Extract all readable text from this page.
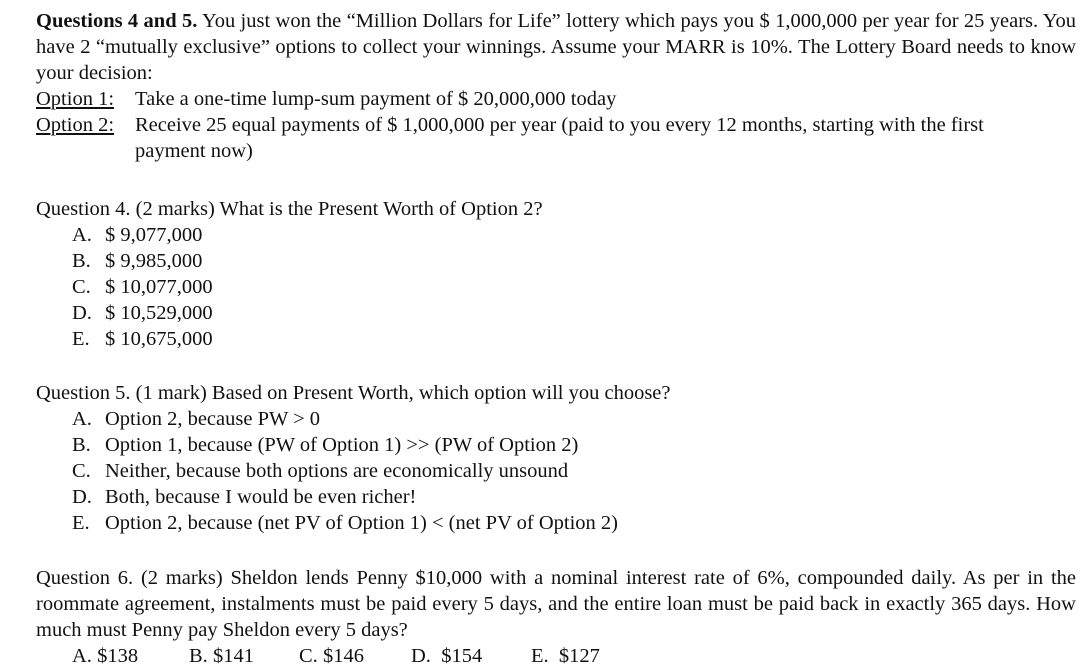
Questions 4 and 5. You just won the “Million Dollars for Life” lottery which pays you $ 1,000,000 per year for 25 years. You have 2 “mutually exclusive” options to collect your winnings. Assume your MARR is 10%. The Lottery Board needs to know your decision:
Option 1:	Take a one-time lump-sum payment of $ 20,000,000 today
Option 2:	Receive 25 equal payments of $ 1,000,000 per year (paid to you every 12 months, starting with the first payment now)
Question 4. (2 marks) What is the Present Worth of Option 2?
A. $ 9,077,000
B. $ 9,985,000
C. $ 10,077,000
D. $ 10,529,000
E. $ 10,675,000
Question 5. (1 mark) Based on Present Worth, which option will you choose?
A. Option 2, because PW > 0
B. Option 1, because (PW of Option 1) >> (PW of Option 2)
C. Neither, because both options are economically unsound
D. Both, because I would be even richer!
E. Option 2, because (net PV of Option 1) < (net PV of Option 2)
Question 6. (2 marks) Sheldon lends Penny $10,000 with a nominal interest rate of 6%, compounded daily. As per in the roommate agreement, instalments must be paid every 5 days, and the entire loan must be paid back in exactly 365 days. How much must Penny pay Sheldon every 5 days?
A. $138 B. $141 C. $146 D. $154 E. $127
